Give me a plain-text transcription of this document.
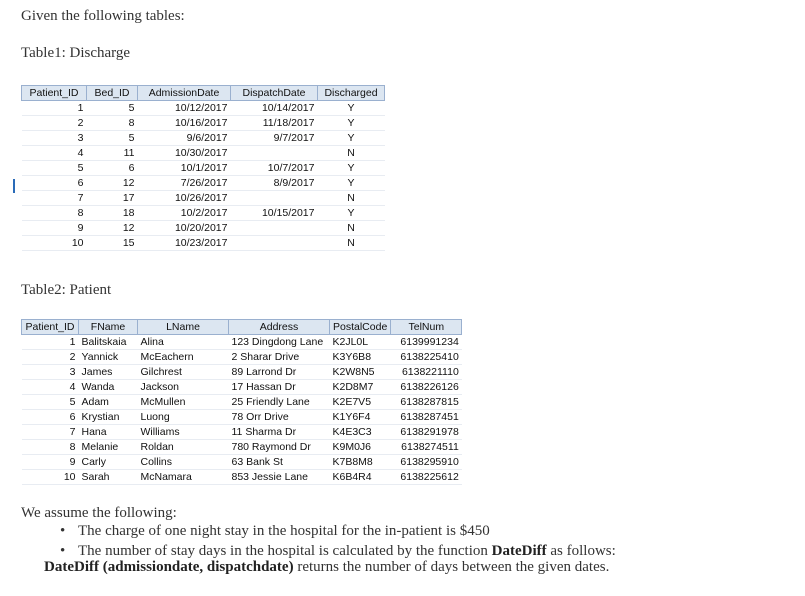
Given the following tables:
Table1: Discharge
Patient_ID	Bed_ID	AdmissionDate	DispatchDate	Discharged
1	5	10/12/2017	10/14/2017	Y
2	8	10/16/2017	11/18/2017	Y
3	5	9/6/2017	9/7/2017	Y
4	11	10/30/2017		N
5	6	10/1/2017	10/7/2017	Y
6	12	7/26/2017	8/9/2017	Y
7	17	10/26/2017		N
8	18	10/2/2017	10/15/2017	Y
9	12	10/20/2017		N
10	15	10/23/2017		N
Table2: Patient
Patient_ID	FName	LName	Address	PostalCode	TelNum
1	Balitskaia	Alina	123 Dingdong Lane	K2JL0L	6139991234
2	Yannick	McEachern	2 Sharar Drive	K3Y6B8	6138225410
3	James	Gilchrest	89 Larrond Dr	K2W8N5	6138221110
4	Wanda	Jackson	17 Hassan Dr	K2D8M7	6138226126
5	Adam	McMullen	25 Friendly Lane	K2E7V5	6138287815
6	Krystian	Luong	78 Orr Drive	K1Y6F4	6138287451
7	Hana	Williams	11 Sharma Dr	K4E3C3	6138291978
8	Melanie	Roldan	780 Raymond Dr	K9M0J6	6138274511
9	Carly	Collins	63 Bank St	K7B8M8	6138295910
10	Sarah	McNamara	853 Jessie Lane	K6B4R4	6138225612
We assume the following:
• The charge of one night stay in the hospital for the in-patient is $450
• The number of stay days in the hospital is calculated by the function DateDiff as follows:
DateDiff (admissiondate, dispatchdate) returns the number of days between the given dates.
